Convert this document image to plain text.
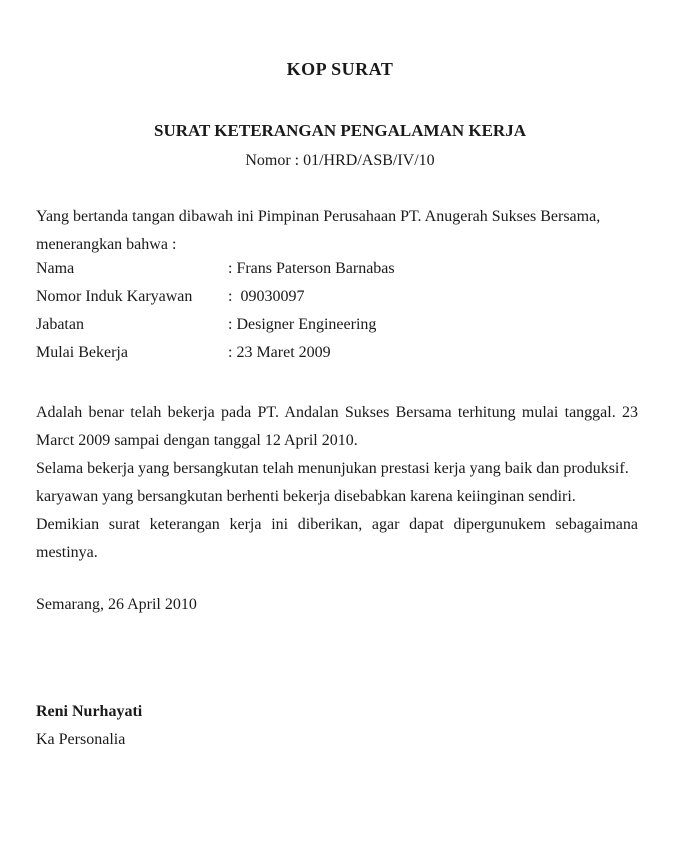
KOP SURAT
SURAT KETERANGAN PENGALAMAN KERJA
Nomor : 01/HRD/ASB/IV/10
Yang bertanda tangan dibawah ini Pimpinan Perusahaan PT. Anugerah Sukses Bersama,
menerangkan bahwa :
Nama	: Frans Paterson Barnabas
Nomor Induk Karyawan	:  09030097
Jabatan	: Designer Engineering
Mulai Bekerja	: 23 Maret 2009
Adalah benar telah bekerja pada PT. Andalan Sukses Bersama terhitung mulai tanggal. 23
Marct 2009 sampai dengan tanggal 12 April 2010.
Selama bekerja yang bersangkutan telah menunjukan prestasi kerja yang baik dan produksif.
karyawan yang bersangkutan berhenti bekerja disebabkan karena keiinginan sendiri.
Demikian surat keterangan kerja ini diberikan, agar dapat dipergunukem sebagaimana
mestinya.
Semarang, 26 April 2010
Reni Nurhayati
Ka Personalia
